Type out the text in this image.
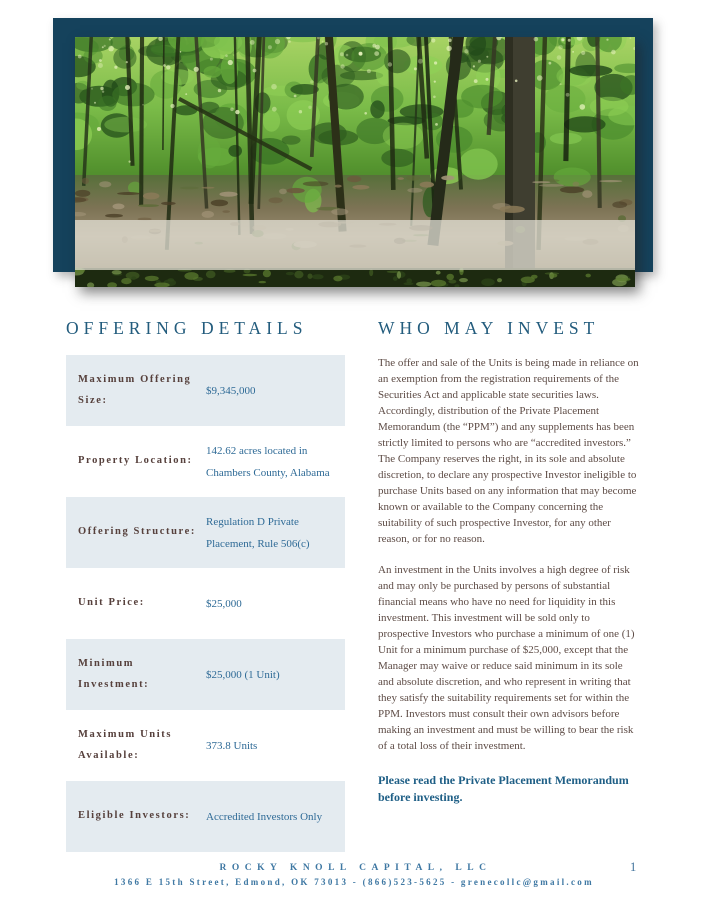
OFFERING DETAILS
Maximum Offering Size:
$9,345,000
Property Location:
142.62 acres located in Chambers County, Alabama
Offering Structure:
Regulation D Private Placement, Rule 506(c)
Unit Price:	$25,000
Minimum Investment:
$25,000 (1 Unit)
Maximum Units Available:
373.8 Units
Eligible Investors:	Accredited Investors Only
WHO MAY INVEST

The offer and sale of the Units is being made in reliance on an exemption from the registration requirements of the Securities Act and applicable state securities laws. Accordingly, distribution of the Private Placement Memorandum (the “PPM”) and any supplements has been strictly limited to persons who are “accredited investors.” The Company reserves the right, in its sole and absolute discretion, to declare any prospective Investor ineligible to purchase Units based on any information that may become known or available to the Company concerning the suitability of such prospective Investor, for any other reason, or for no reason.

An investment in the Units involves a high degree of risk and may only be purchased by persons of substantial financial means who have no need for liquidity in this investment. This investment will be sold only to prospective Investors who purchase a minimum of one (1) Unit for a minimum purchase of $25,000, except that the Manager may waive or reduce said minimum in its sole and absolute discretion, and who represent in writing that they satisfy the suitability requirements set for within the PPM. Investors must consult their own advisors before making an investment and must be willing to bear the risk of a total loss of their investment.

Please read the Private Placement Memorandum before investing.

ROCKY KNOLL CAPITAL, LLC
1366 E 15th Street, Edmond, OK 73013 - (866)523-5625 - grenecollc@gmail.com
1
